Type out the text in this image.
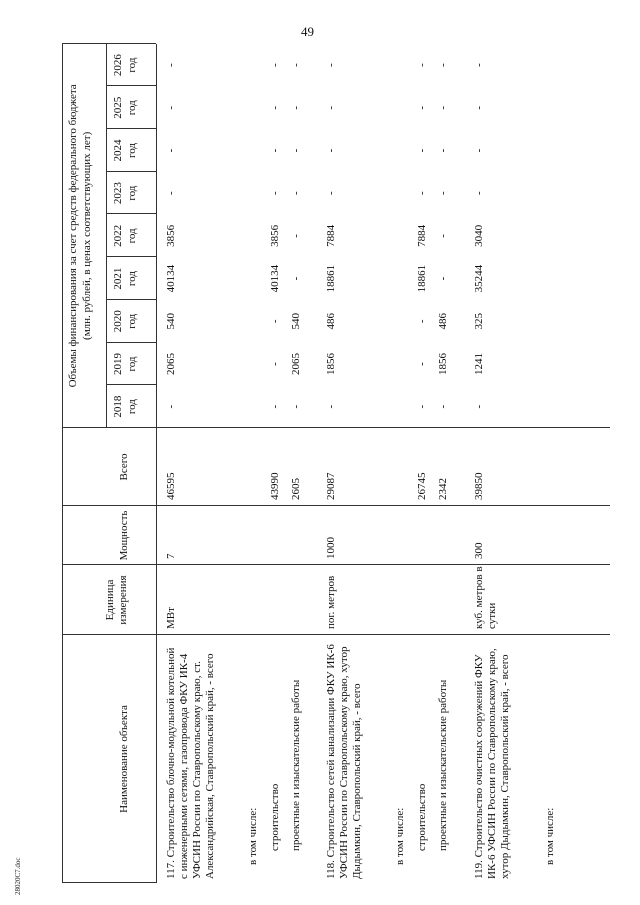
49
28020C7.doc
Наименование объекта
Единица измерения
Мощность
Всего
Объемы финансирования за счет средств федерального бюджета (млн. рублей, в ценах соответствующих лет)
2018 год
2019 год
2020 год
2021 год
2022 год
2023 год
2024 год
2025 год
2026 год
117. Строительство блочно-модульной котельной с инженерными сетями, газопровода ФКУ ИК-4 УФСИН России по Ставропольскому краю, ст. Александрийская, Ставропольский край, - всего
МВт
7
46595
-
2065
540
40134
3856
-
-
-
-
в том числе: строительство
43990
-
-
-
40134
3856
-
-
-
-
проектные и изыскательские работы
2605
-
2065
540
-
-
-
-
-
-
118. Строительство сетей канализации ФКУ ИК-6 УФСИН России по Ставропольскому краю, хутор Дыдымкин, Ставропольский край, - всего
пог. метров
1000
29087
-
1856
486
18861
7884
-
-
-
-
в том числе: строительство
26745
-
-
-
18861
7884
-
-
-
-
проектные и изыскательские работы
2342
-
1856
486
-
-
-
-
-
-
119. Строительство очистных сооружений ФКУ ИК-6 УФСИН России по Ставропольскому краю, хутор Дыдымкин, Ставропольский край, - всего
куб. метров в сутки
300
39850
-
1241
325
35244
3040
-
-
-
-
в том числе:
